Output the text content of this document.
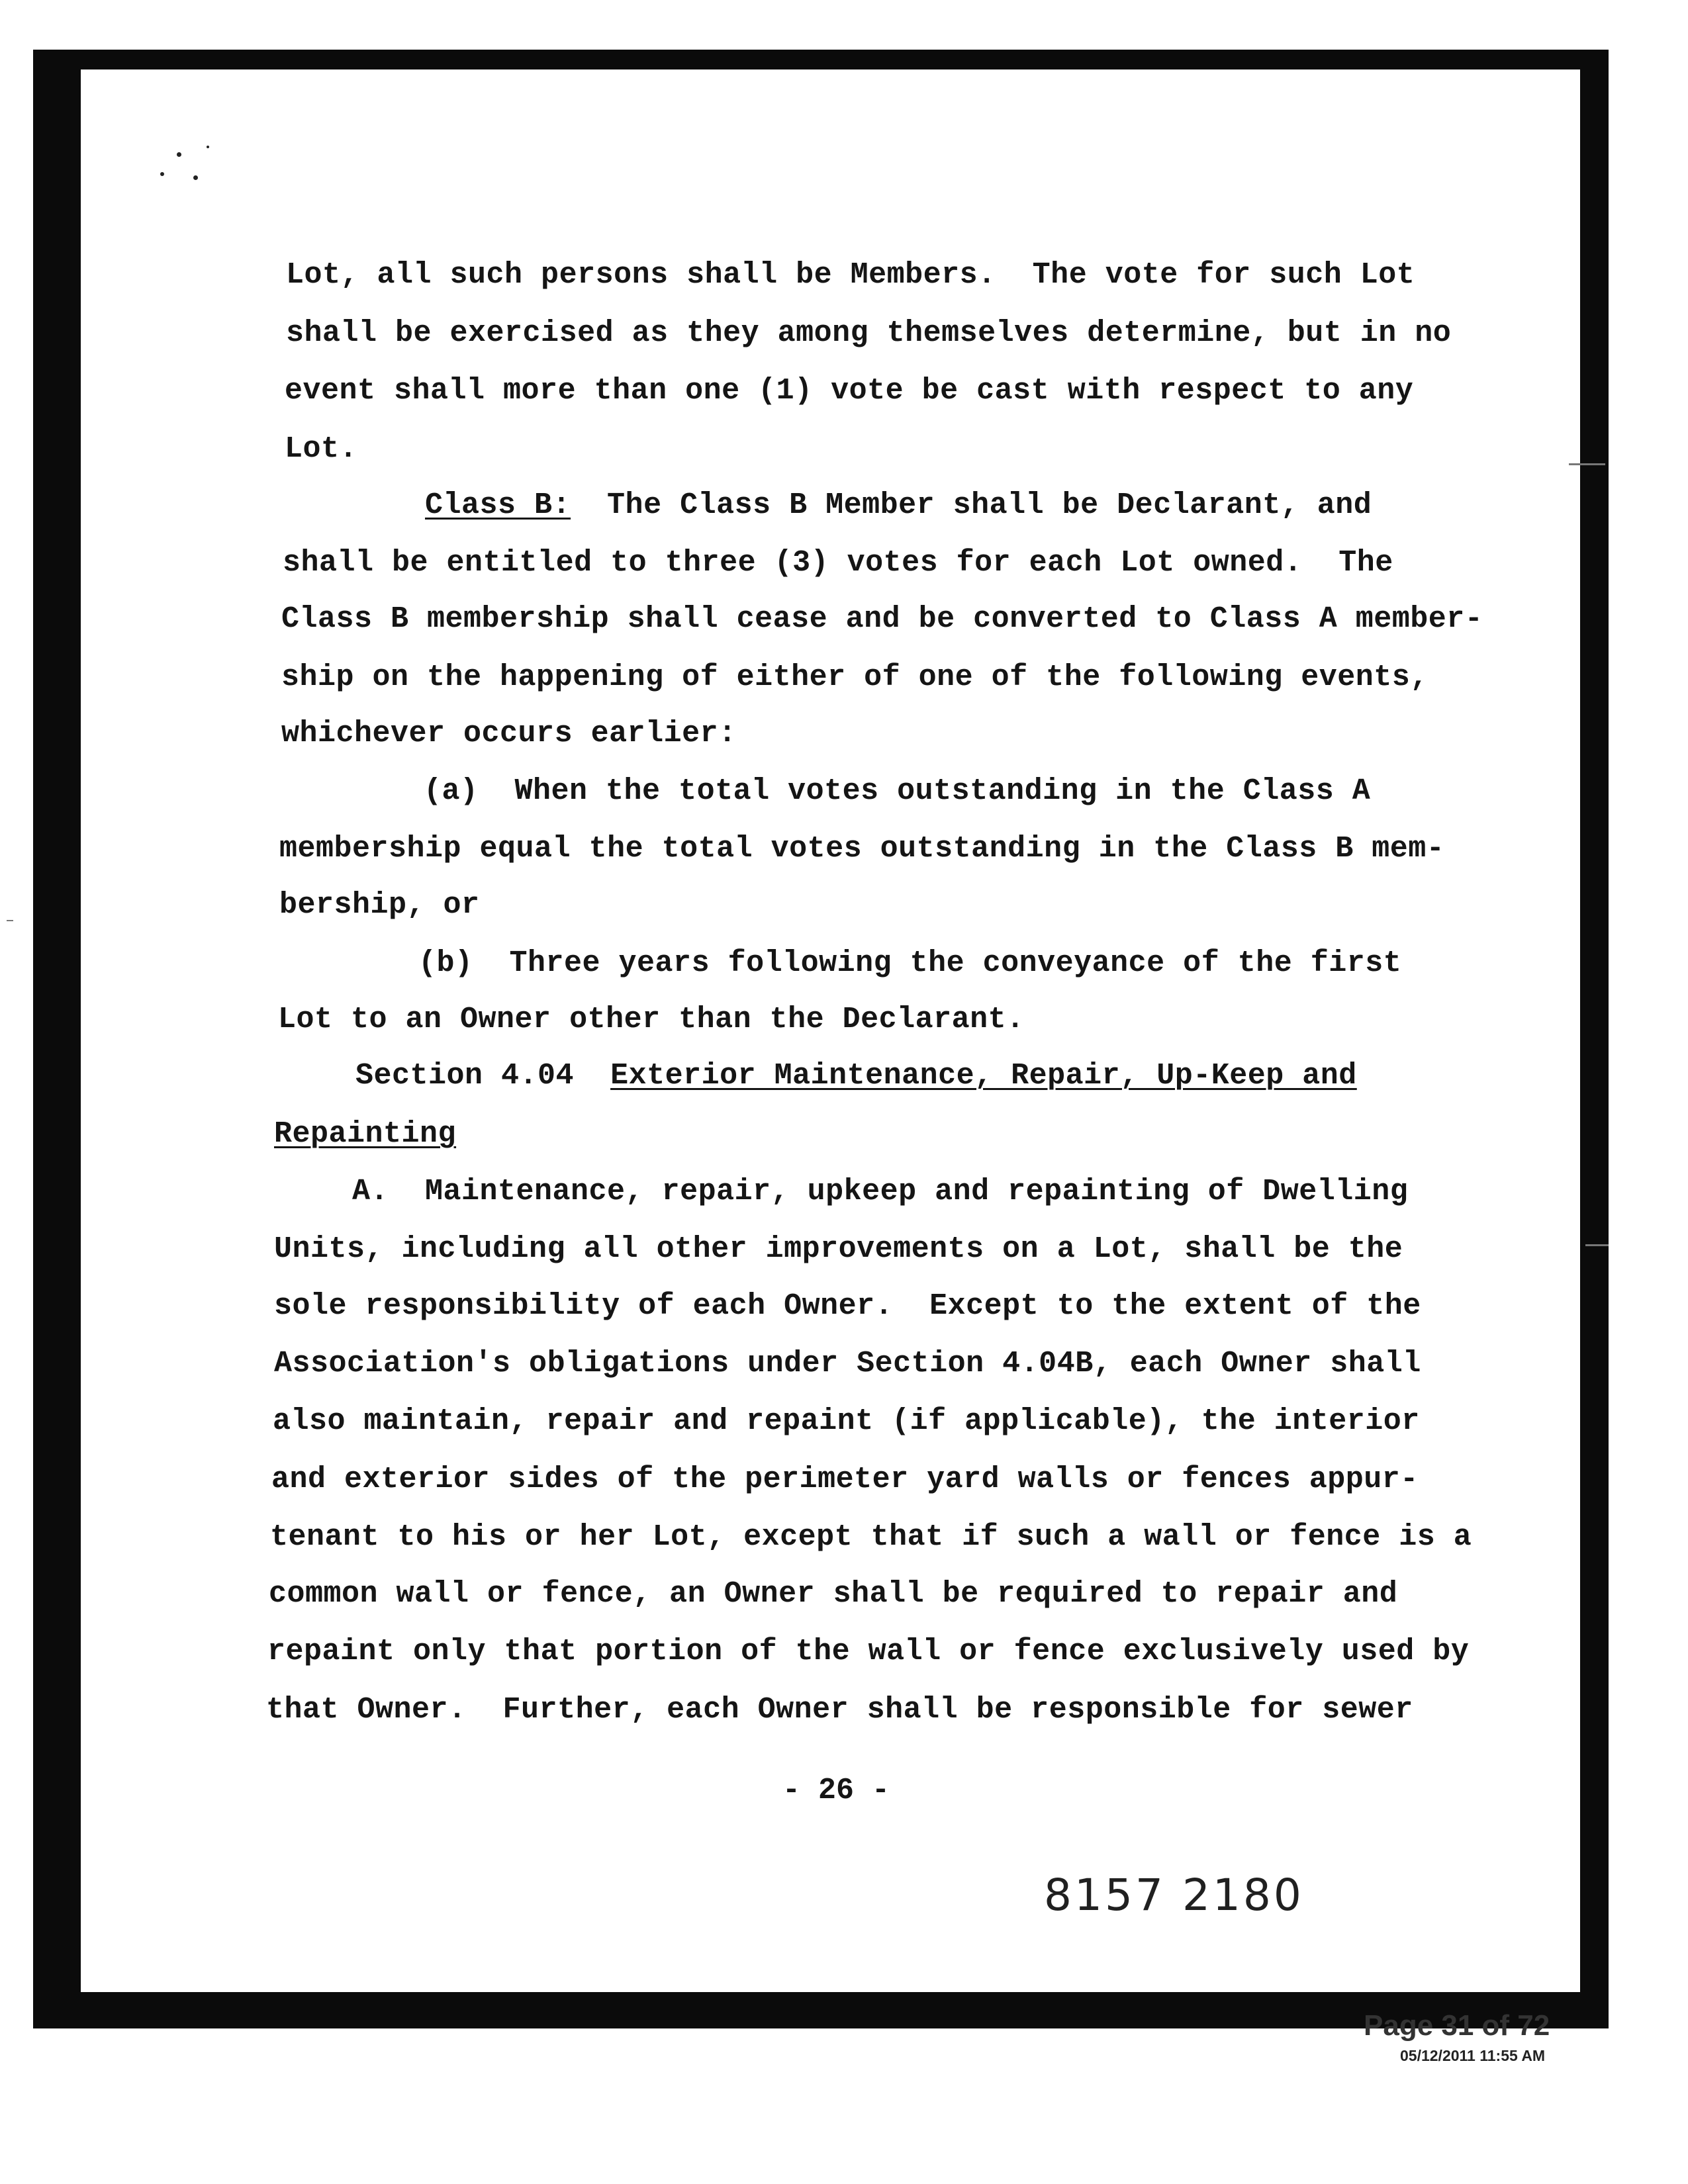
Lot, all such persons shall be Members.  The vote for such Lot
shall be exercised as they among themselves determine, but in no
event shall more than one (1) vote be cast with respect to any
Lot.
Class B:  The Class B Member shall be Declarant, and
shall be entitled to three (3) votes for each Lot owned.  The
Class B membership shall cease and be converted to Class A member-
ship on the happening of either of one of the following events,
whichever occurs earlier:
(a)  When the total votes outstanding in the Class A
membership equal the total votes outstanding in the Class B mem-
bership, or
(b)  Three years following the conveyance of the first
Lot to an Owner other than the Declarant.
Section 4.04  Exterior Maintenance, Repair, Up-Keep and
Repainting
A.  Maintenance, repair, upkeep and repainting of Dwelling
Units, including all other improvements on a Lot, shall be the
sole responsibility of each Owner.  Except to the extent of the
Association's obligations under Section 4.04B, each Owner shall
also maintain, repair and repaint (if applicable), the interior
and exterior sides of the perimeter yard walls or fences appur-
tenant to his or her Lot, except that if such a wall or fence is a
common wall or fence, an Owner shall be required to repair and
repaint only that portion of the wall or fence exclusively used by
that Owner.  Further, each Owner shall be responsible for sewer
- 26 -
8157 2180
Page 31 of 72
05/12/2011 11:55 AM
